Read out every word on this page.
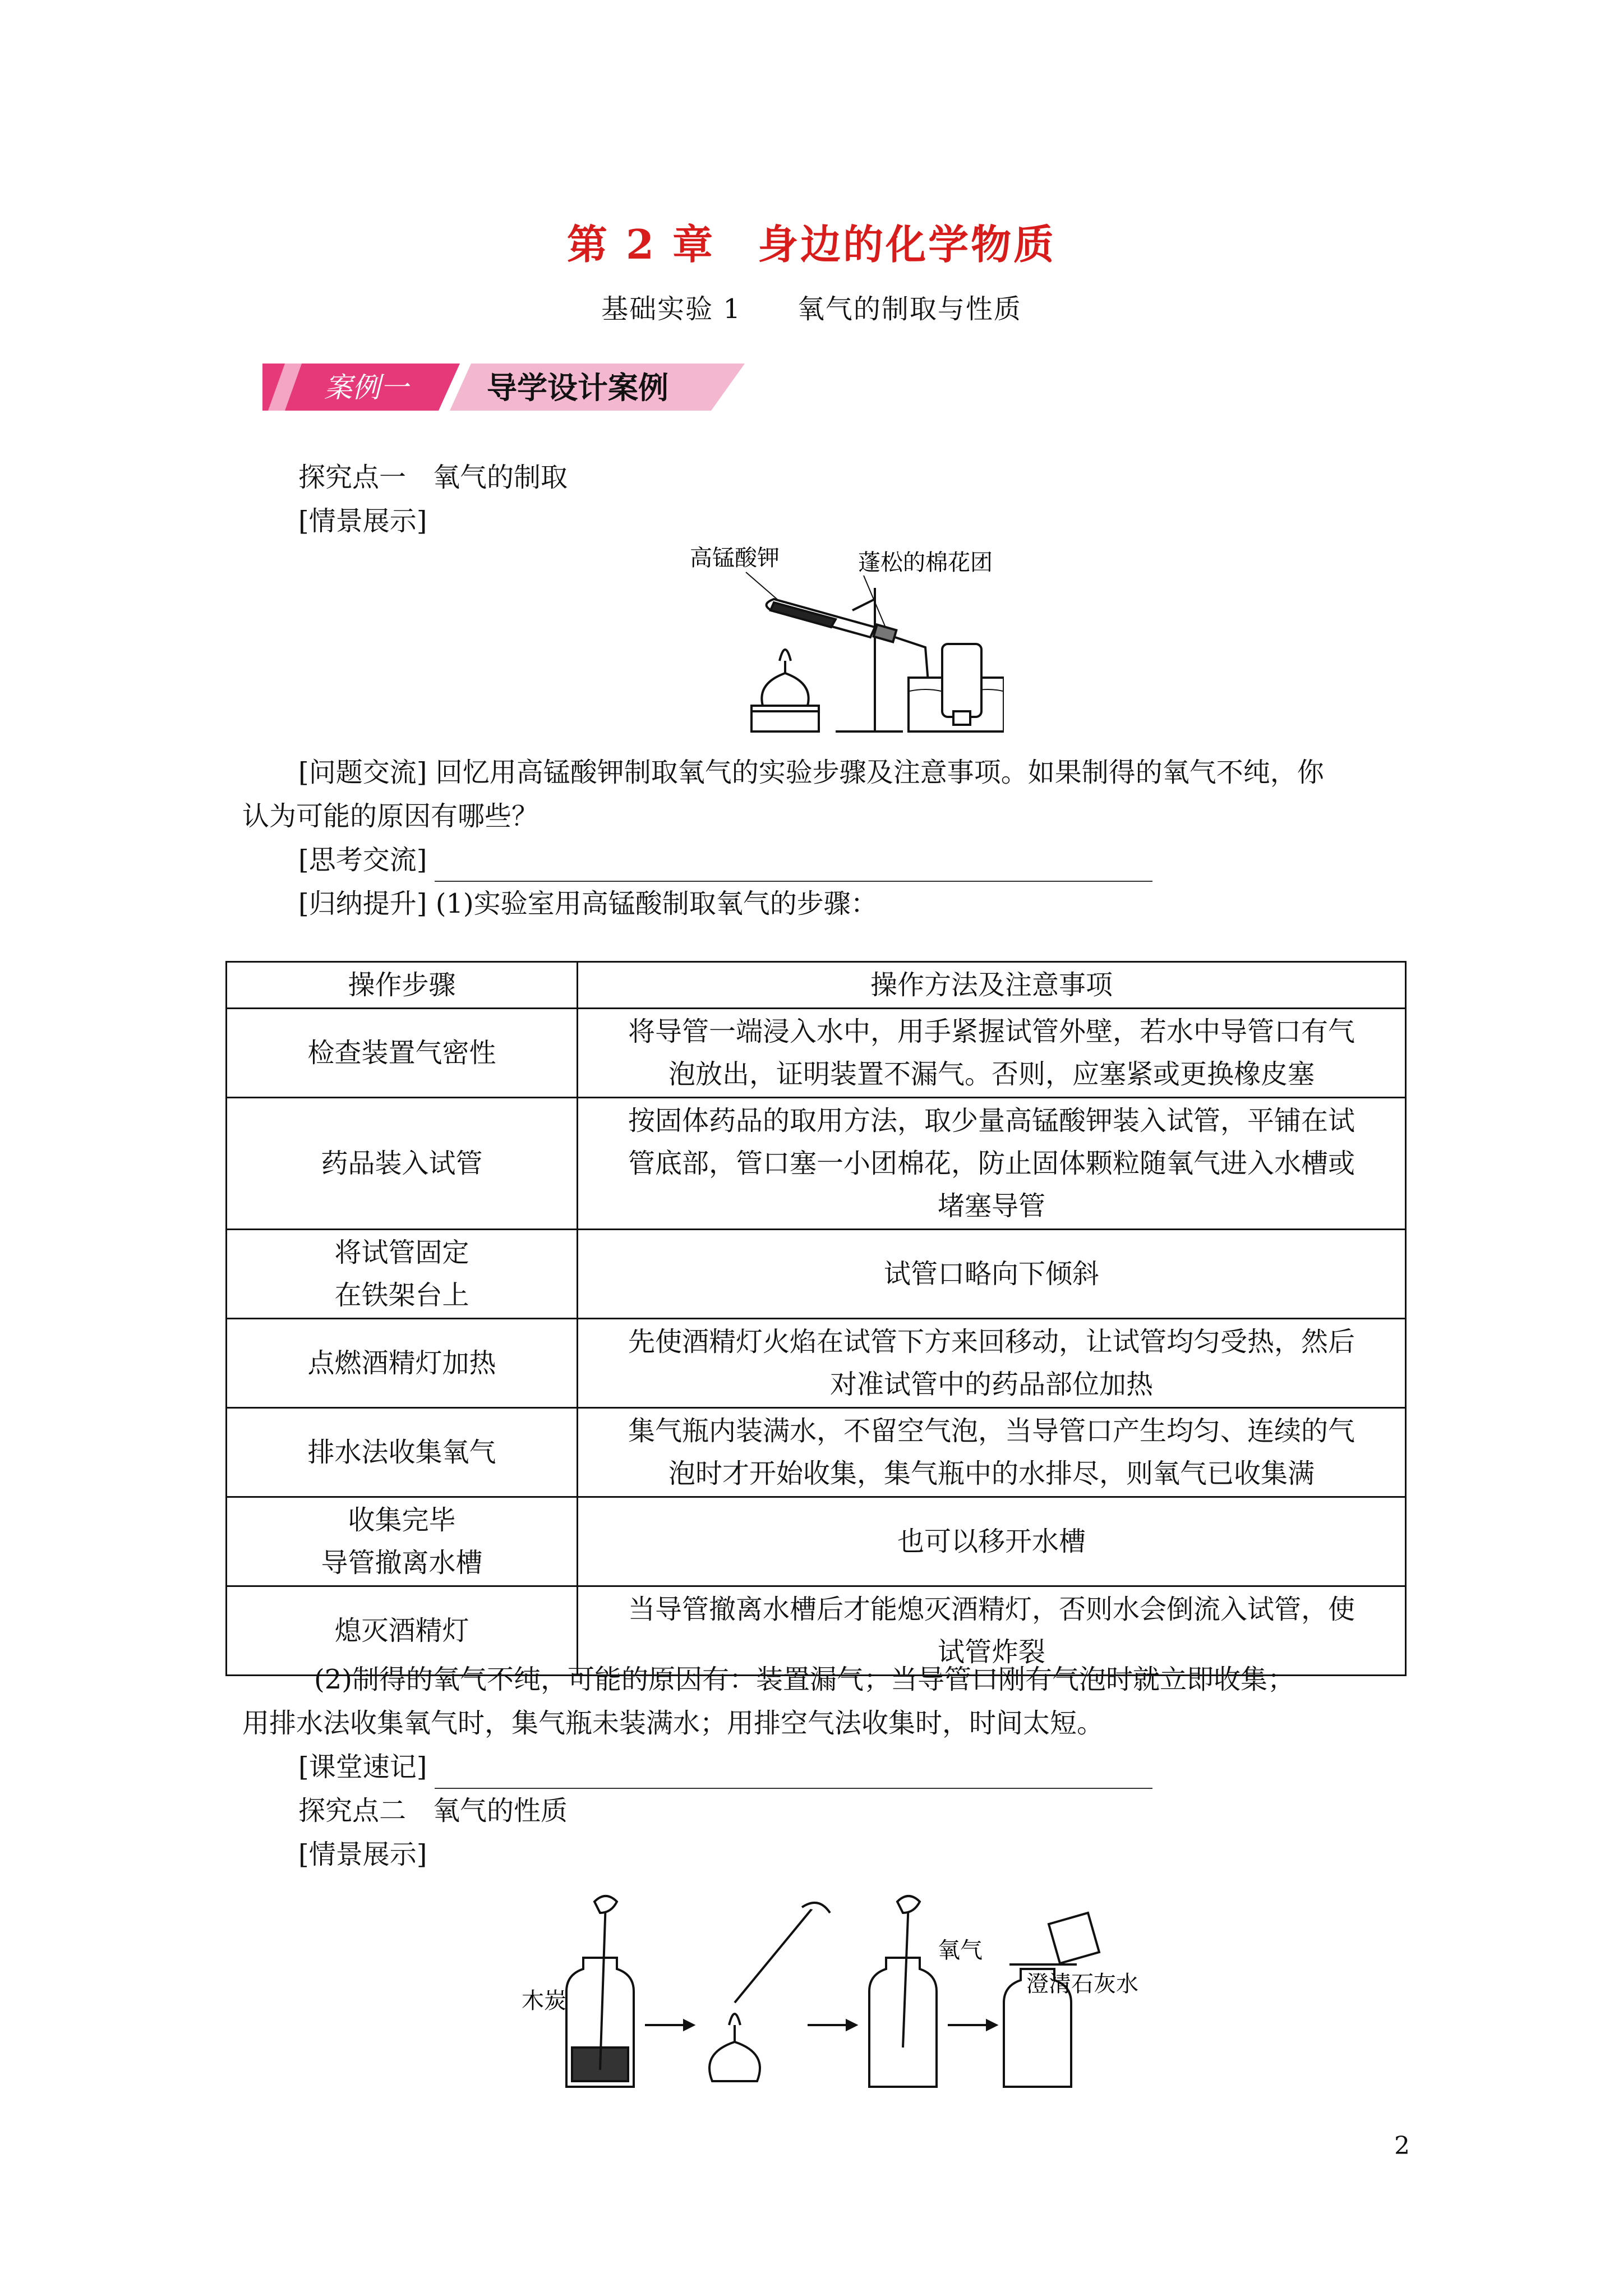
第 2 章　身边的化学物质
基础实验 1　　氧气的制取与性质
案例一	导学设计案例
探究点一　氧气的制取
[情景展示]
高锰酸钾	蓬松的棉花团
[问题交流] 回忆用高锰酸钾制取氧气的实验步骤及注意事项。如果制得的氧气不纯，你
认为可能的原因有哪些？
[思考交流]
[归纳提升] (1)实验室用高锰酸制取氧气的步骤：
操作步骤	操作方法及注意事项

检查装置气密性	将导管一端浸入水中，用手紧握试管外壁，若水中导管口有气
泡放出，证明装置不漏气。否则，应塞紧或更换橡皮塞

药品装入试管	按固体药品的取用方法，取少量高锰酸钾装入试管，平铺在试
管底部，管口塞一小团棉花，防止固体颗粒随氧气进入水槽或
堵塞导管

将试管固定
在铁架台上	试管口略向下倾斜

点燃酒精灯加热	先使酒精灯火焰在试管下方来回移动，让试管均匀受热，然后
对准试管中的药品部位加热

排水法收集氧气	集气瓶内装满水，不留空气泡，当导管口产生均匀、连续的气
泡时才开始收集，集气瓶中的水排尽，则氧气已收集满

收集完毕
导管撤离水槽	也可以移开水槽

熄灭酒精灯	当导管撤离水槽后才能熄灭酒精灯，否则水会倒流入试管，使
试管炸裂
(2)制得的氧气不纯，可能的原因有：装置漏气；当导管口刚有气泡时就立即收集；
用排水法收集氧气时，集气瓶未装满水；用排空气法收集时，时间太短。
[课堂速记]
探究点二　氧气的性质
[情景展示]
木炭
氧气
澄清石灰水
2
